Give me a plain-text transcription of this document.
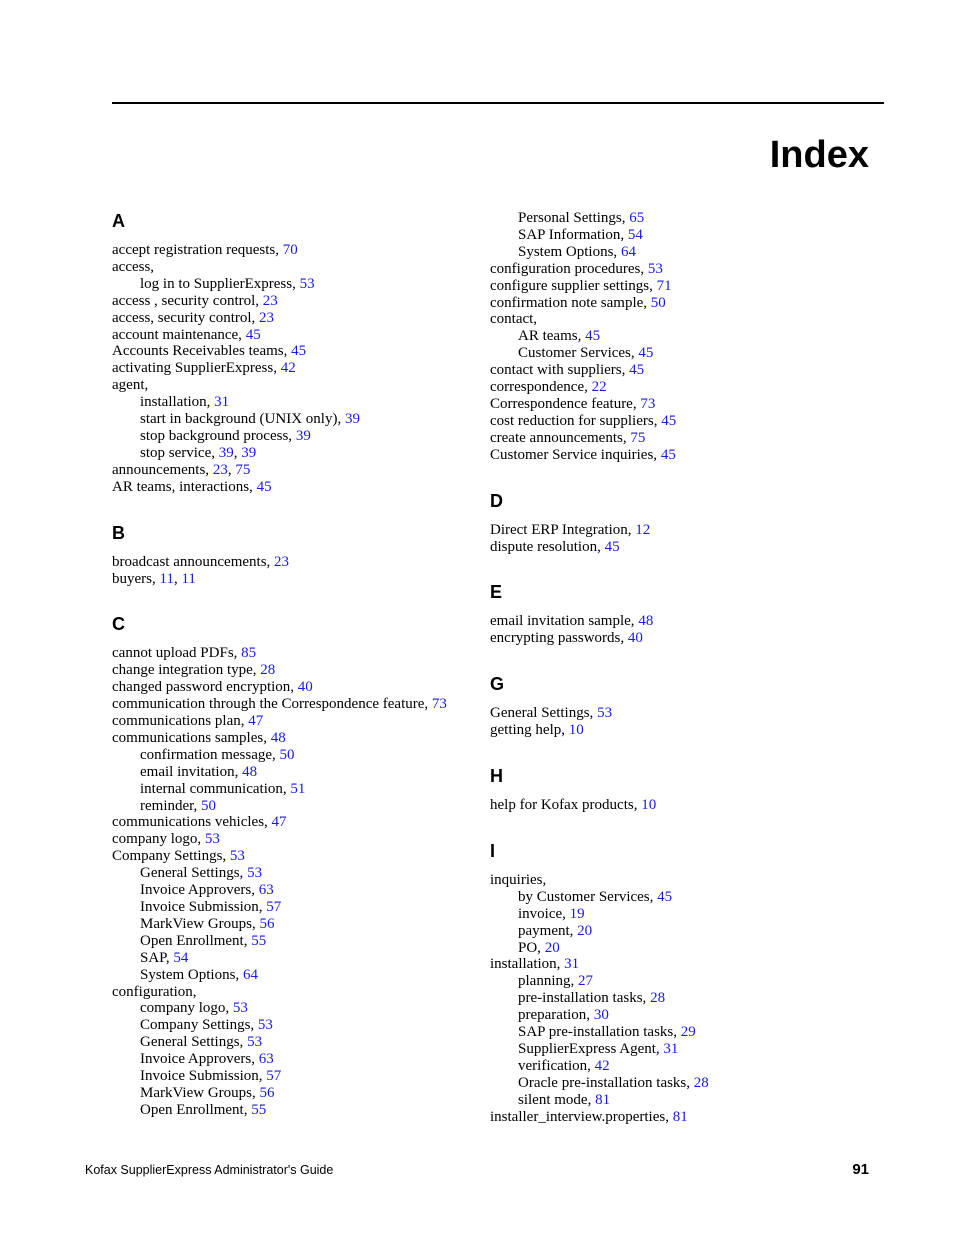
Index
A
accept registration requests, 70
access,
log in to SupplierExpress, 53
access , security control, 23
access, security control, 23
account maintenance, 45
Accounts Receivables teams, 45
activating SupplierExpress, 42
agent,
installation, 31
start in background (UNIX only), 39
stop background process, 39
stop service, 39, 39
announcements, 23, 75
AR teams, interactions, 45
B
broadcast announcements, 23
buyers, 11, 11
C
cannot upload PDFs, 85
change integration type, 28
changed password encryption, 40
communication through the Correspondence feature, 73
communications plan, 47
communications samples, 48
confirmation message, 50
email invitation, 48
internal communication, 51
reminder, 50
communications vehicles, 47
company logo, 53
Company Settings, 53
General Settings, 53
Invoice Approvers, 63
Invoice Submission, 57
MarkView Groups, 56
Open Enrollment, 55
SAP, 54
System Options, 64
configuration,
company logo, 53
Company Settings, 53
General Settings, 53
Invoice Approvers, 63
Invoice Submission, 57
MarkView Groups, 56
Open Enrollment, 55
Personal Settings, 65
SAP Information, 54
System Options, 64
configuration procedures, 53
configure supplier settings, 71
confirmation note sample, 50
contact,
AR teams, 45
Customer Services, 45
contact with suppliers, 45
correspondence, 22
Correspondence feature, 73
cost reduction for suppliers, 45
create announcements, 75
Customer Service inquiries, 45
D
Direct ERP Integration, 12
dispute resolution, 45
E
email invitation sample, 48
encrypting passwords, 40
G
General Settings, 53
getting help, 10
H
help for Kofax products, 10
I
inquiries,
by Customer Services, 45
invoice, 19
payment, 20
PO, 20
installation, 31
planning, 27
pre-installation tasks, 28
preparation, 30
SAP pre-installation tasks, 29
SupplierExpress Agent, 31
verification, 42
Oracle pre-installation tasks, 28
silent mode, 81
installer_interview.properties, 81
Kofax SupplierExpress Administrator's Guide	91
